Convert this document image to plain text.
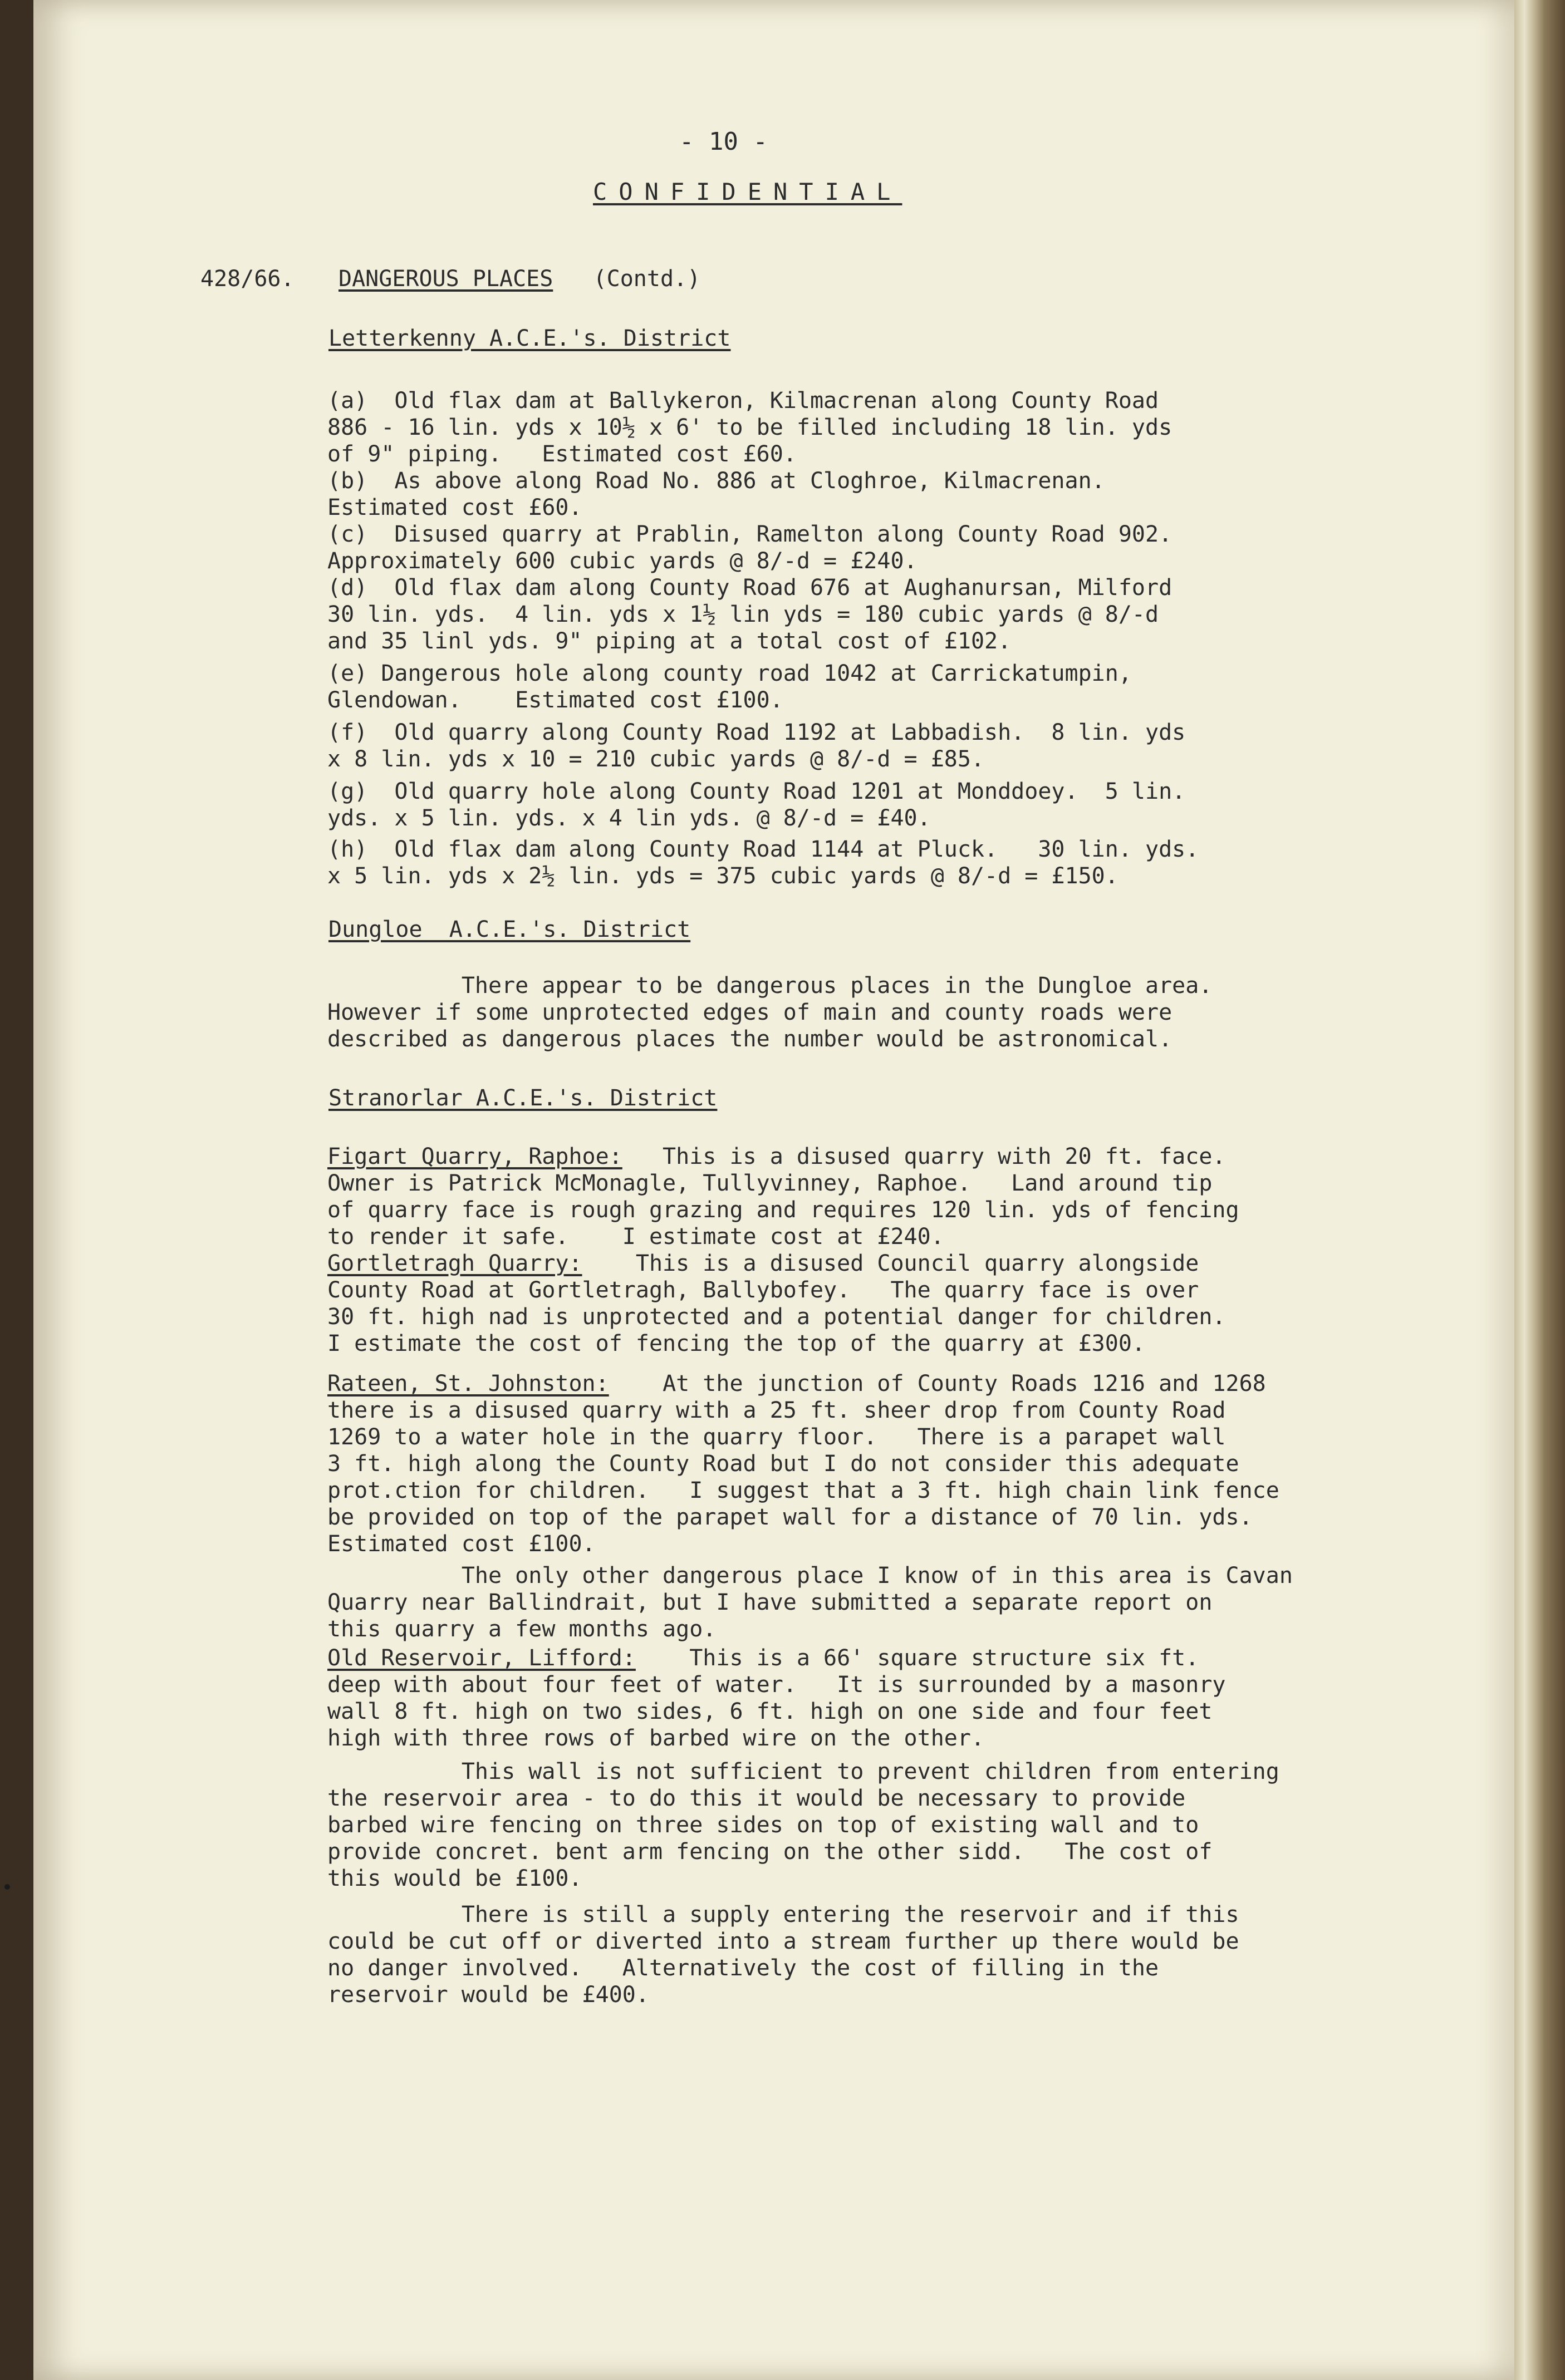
- 10 -
CONFIDENTIAL
428/66. DANGEROUS PLACES (Contd.)
Letterkenny A.C.E.'s. District
(a)  Old flax dam at Ballykeron, Kilmacrenan along County Road
886 - 16 lin. yds x 10½ x 6' to be filled including 18 lin. yds
of 9" piping.   Estimated cost £60.
(b)  As above along Road No. 886 at Cloghroe, Kilmacrenan.
Estimated cost £60.
(c)  Disused quarry at Prablin, Ramelton along County Road 902.
Approximately 600 cubic yards @ 8/-d = £240.
(d)  Old flax dam along County Road 676 at Aughanursan, Milford
30 lin. yds.  4 lin. yds x 1½ lin yds = 180 cubic yards @ 8/-d
and 35 linl yds. 9" piping at a total cost of £102.
(e) Dangerous hole along county road 1042 at Carrickatumpin,
Glendowan.    Estimated cost £100.
(f)  Old quarry along County Road 1192 at Labbadish.  8 lin. yds
x 8 lin. yds x 10 = 210 cubic yards @ 8/-d = £85.
(g)  Old quarry hole along County Road 1201 at Monddoey.  5 lin.
yds. x 5 lin. yds. x 4 lin yds. @ 8/-d = £40.
(h)  Old flax dam along County Road 1144 at Pluck.   30 lin. yds.
x 5 lin. yds x 2½ lin. yds = 375 cubic yards @ 8/-d = £150.
Dungloe  A.C.E.'s. District
There appear to be dangerous places in the Dungloe area.
However if some unprotected edges of main and county roads were
described as dangerous places the number would be astronomical.
Stranorlar A.C.E.'s. District
Figart Quarry, Raphoe:   This is a disused quarry with 20 ft. face.
Owner is Patrick McMonagle, Tullyvinney, Raphoe.   Land around tip
of quarry face is rough grazing and requires 120 lin. yds of fencing
to render it safe.    I estimate cost at £240.
Gortletragh Quarry:    This is a disused Council quarry alongside
County Road at Gortletragh, Ballybofey.   The quarry face is over
30 ft. high nad is unprotected and a potential danger for children.
I estimate the cost of fencing the top of the quarry at £300.
Rateen, St. Johnston:    At the junction of County Roads 1216 and 1268
there is a disused quarry with a 25 ft. sheer drop from County Road
1269 to a water hole in the quarry floor.   There is a parapet wall
3 ft. high along the County Road but I do not consider this adequate
prot.ction for children.   I suggest that a 3 ft. high chain link fence
be provided on top of the parapet wall for a distance of 70 lin. yds.
Estimated cost £100.
The only other dangerous place I know of in this area is Cavan
Quarry near Ballindrait, but I have submitted a separate report on
this quarry a few months ago.
Old Reservoir, Lifford:    This is a 66' square structure six ft.
deep with about four feet of water.   It is surrounded by a masonry
wall 8 ft. high on two sides, 6 ft. high on one side and four feet
high with three rows of barbed wire on the other.
This wall is not sufficient to prevent children from entering
the reservoir area - to do this it would be necessary to provide
barbed wire fencing on three sides on top of existing wall and to
provide concret. bent arm fencing on the other sidd.   The cost of
this would be £100.
There is still a supply entering the reservoir and if this
could be cut off or diverted into a stream further up there would be
no danger involved.   Alternatively the cost of filling in the
reservoir would be £400.
